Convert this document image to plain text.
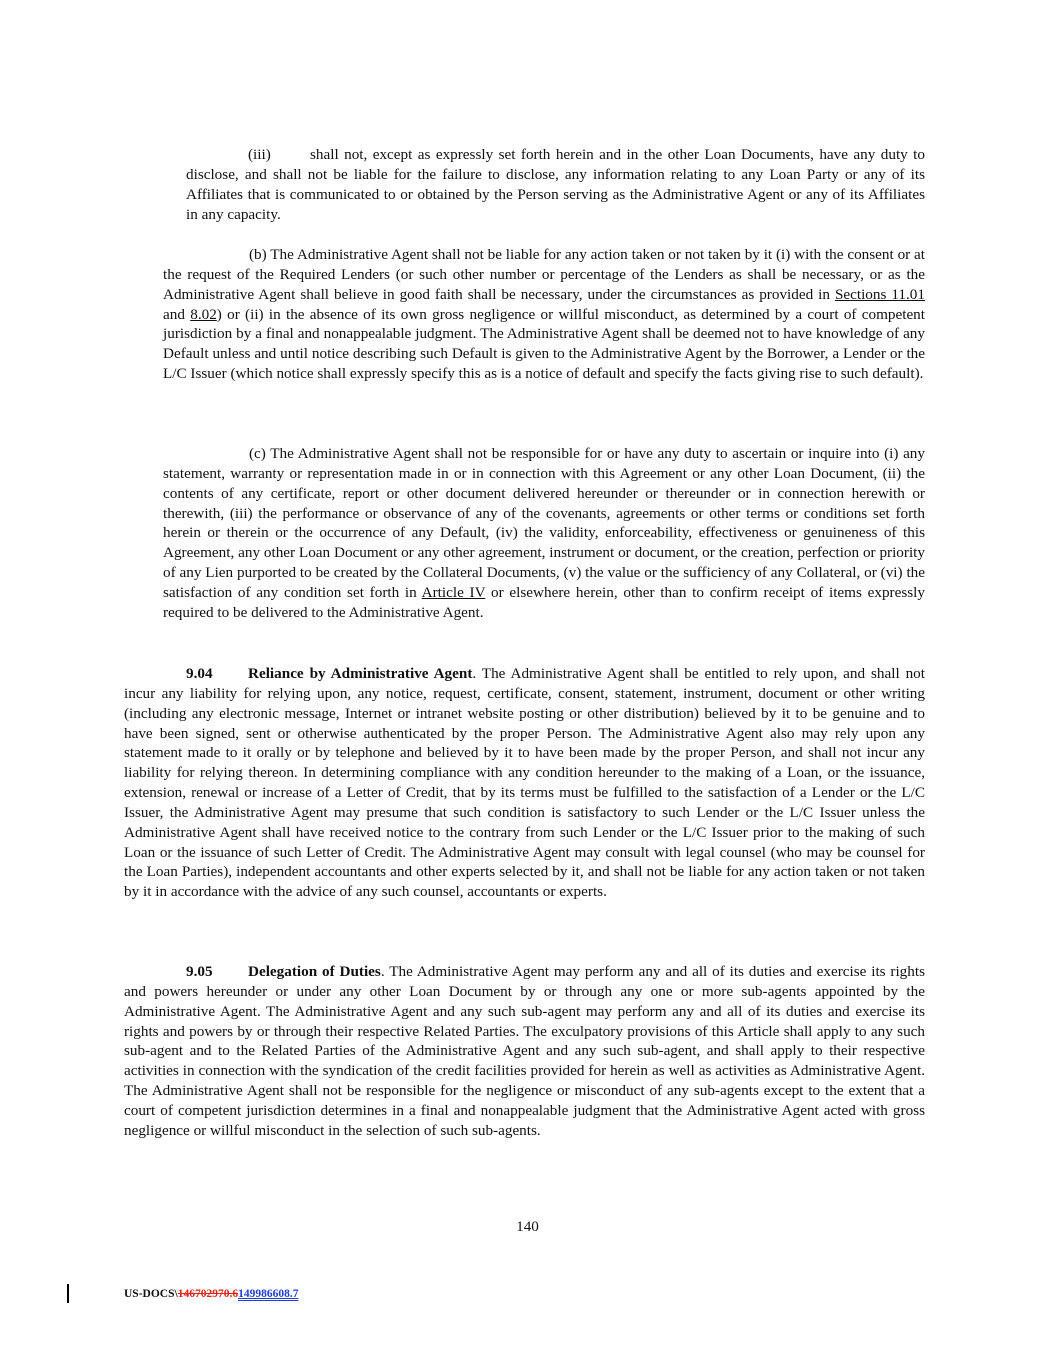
(iii)	shall not, except as expressly set forth herein and in the other Loan Documents, have any duty to disclose, and shall not be liable for the failure to disclose, any information relating to any Loan Party or any of its Affiliates that is communicated to or obtained by the Person serving as the Administrative Agent or any of its Affiliates in any capacity.

(b) The Administrative Agent shall not be liable for any action taken or not taken by it (i) with the consent or at the request of the Required Lenders (or such other number or percentage of the Lenders as shall be necessary, or as the Administrative Agent shall believe in good faith shall be necessary, under the circumstances as provided in Sections 11.01 and 8.02) or (ii) in the absence of its own gross negligence or willful misconduct, as determined by a court of competent jurisdiction by a final and nonappealable judgment. The Administrative Agent shall be deemed not to have knowledge of any Default unless and until notice describing such Default is given to the Administrative Agent by the Borrower, a Lender or the L/C Issuer (which notice shall expressly specify this as is a notice of default and specify the facts giving rise to such default).

(c) The Administrative Agent shall not be responsible for or have any duty to ascertain or inquire into (i) any statement, warranty or representation made in or in connection with this Agreement or any other Loan Document, (ii) the contents of any certificate, report or other document delivered hereunder or thereunder or in connection herewith or therewith, (iii) the performance or observance of any of the covenants, agreements or other terms or conditions set forth herein or therein or the occurrence of any Default, (iv) the validity, enforceability, effectiveness or genuineness of this Agreement, any other Loan Document or any other agreement, instrument or document, or the creation, perfection or priority of any Lien purported to be created by the Collateral Documents, (v) the value or the sufficiency of any Collateral, or (vi) the satisfaction of any condition set forth in Article IV or elsewhere herein, other than to confirm receipt of items expressly required to be delivered to the Administrative Agent.

9.04 Reliance by Administrative Agent. The Administrative Agent shall be entitled to rely upon, and shall not incur any liability for relying upon, any notice, request, certificate, consent, statement, instrument, document or other writing (including any electronic message, Internet or intranet website posting or other distribution) believed by it to be genuine and to have been signed, sent or otherwise authenticated by the proper Person. The Administrative Agent also may rely upon any statement made to it orally or by telephone and believed by it to have been made by the proper Person, and shall not incur any liability for relying thereon. In determining compliance with any condition hereunder to the making of a Loan, or the issuance, extension, renewal or increase of a Letter of Credit, that by its terms must be fulfilled to the satisfaction of a Lender or the L/C Issuer, the Administrative Agent may presume that such condition is satisfactory to such Lender or the L/C Issuer unless the Administrative Agent shall have received notice to the contrary from such Lender or the L/C Issuer prior to the making of such Loan or the issuance of such Letter of Credit. The Administrative Agent may consult with legal counsel (who may be counsel for the Loan Parties), independent accountants and other experts selected by it, and shall not be liable for any action taken or not taken by it in accordance with the advice of any such counsel, accountants or experts.

9.05 Delegation of Duties. The Administrative Agent may perform any and all of its duties and exercise its rights and powers hereunder or under any other Loan Document by or through any one or more sub-agents appointed by the Administrative Agent. The Administrative Agent and any such sub-agent may perform any and all of its duties and exercise its rights and powers by or through their respective Related Parties. The exculpatory provisions of this Article shall apply to any such sub-agent and to the Related Parties of the Administrative Agent and any such sub-agent, and shall apply to their respective activities in connection with the syndication of the credit facilities provided for herein as well as activities as Administrative Agent. The Administrative Agent shall not be responsible for the negligence or misconduct of any sub-agents except to the extent that a court of competent jurisdiction determines in a final and nonappealable judgment that the Administrative Agent acted with gross negligence or willful misconduct in the selection of such sub-agents.

140
US-DOCS\146702970.6149986608.7
